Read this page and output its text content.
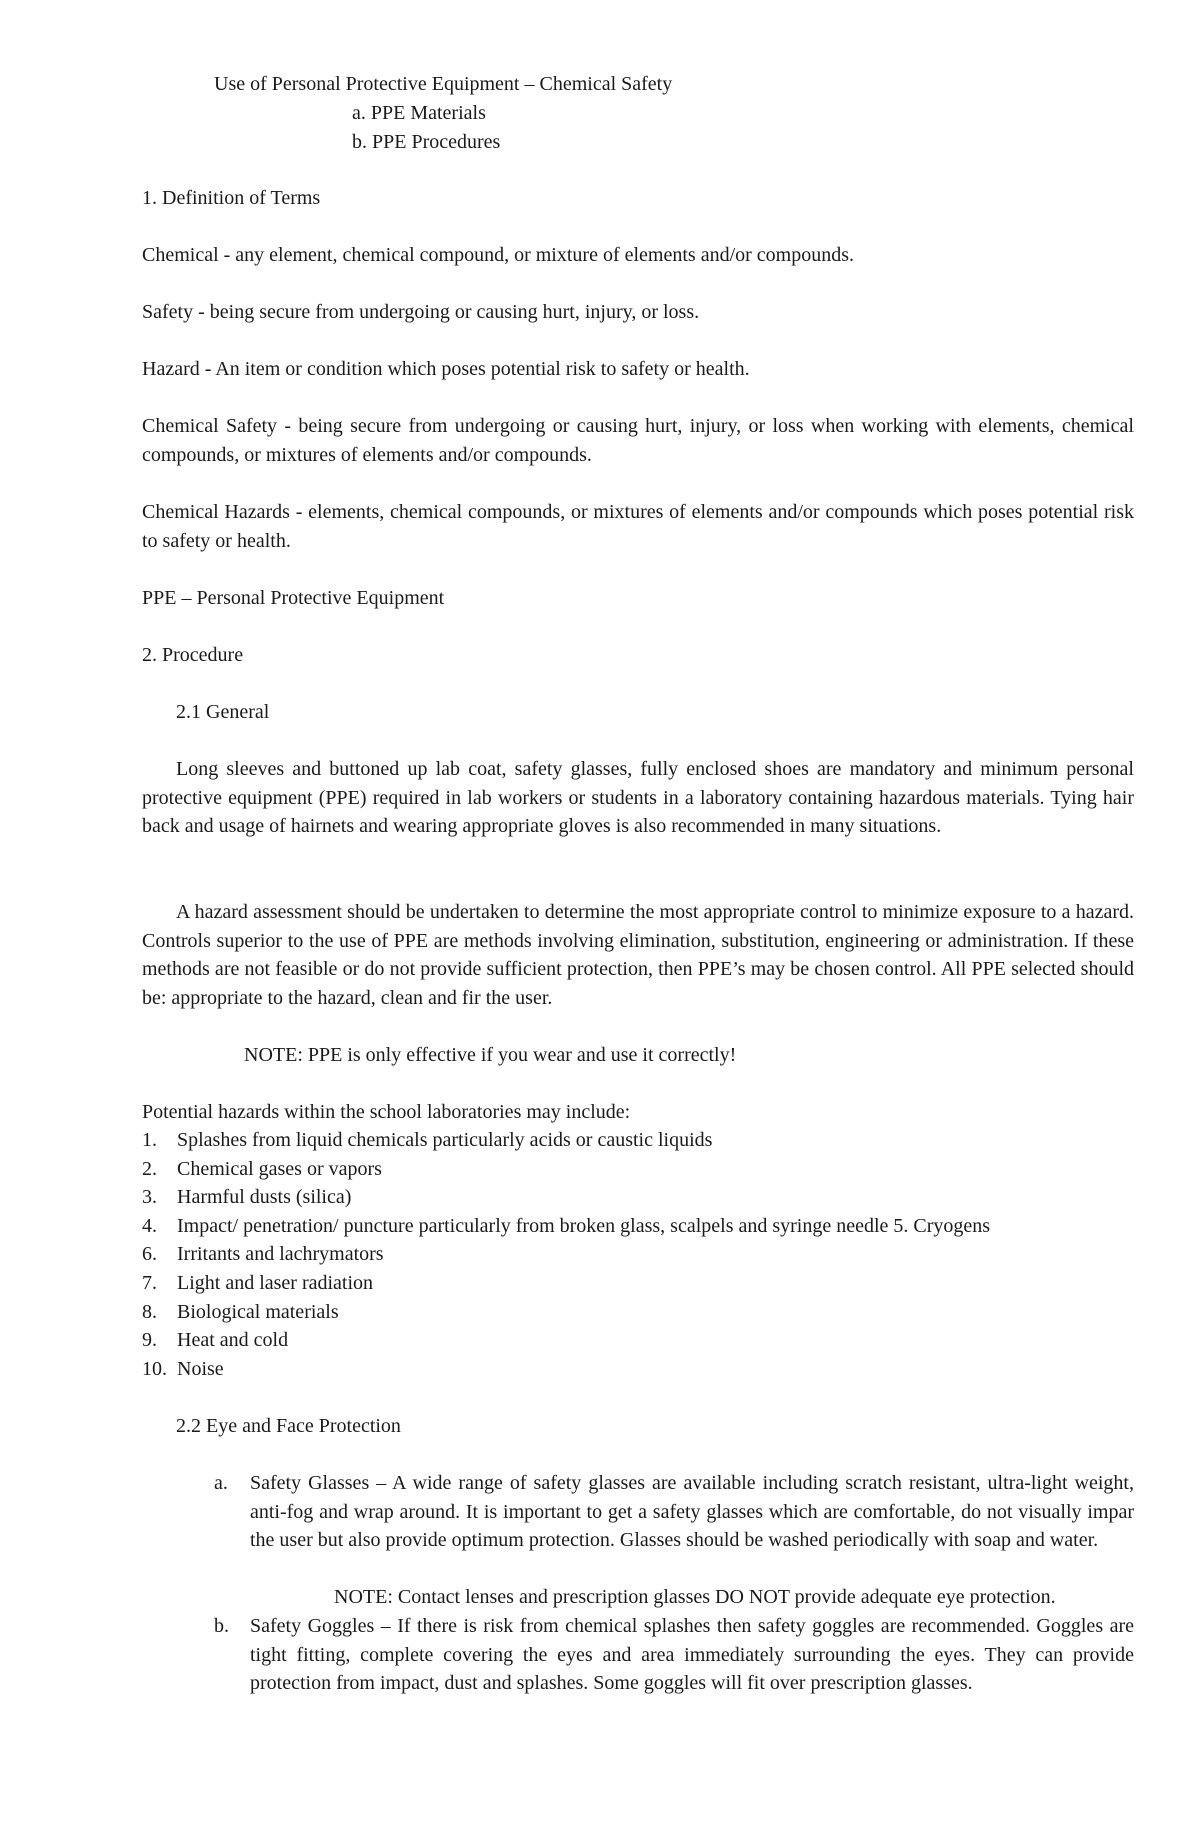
Use of Personal Protective Equipment – Chemical Safety

a. PPE Materials

b. PPE Procedures

1. Definition of Terms

Chemical - any element, chemical compound, or mixture of elements and/or compounds.

Safety - being secure from undergoing or causing hurt, injury, or loss.

Hazard - An item or condition which poses potential risk to safety or health.

Chemical Safety - being secure from undergoing or causing hurt, injury, or loss when working with elements, chemical compounds, or mixtures of elements and/or compounds.

Chemical Hazards - elements, chemical compounds, or mixtures of elements and/or compounds which poses potential risk to safety or health.

PPE – Personal Protective Equipment

2. Procedure

2.1 General

Long sleeves and buttoned up lab coat, safety glasses, fully enclosed shoes are mandatory and minimum personal protective equipment (PPE) required in lab workers or students in a laboratory containing hazardous materials. Tying hair back and usage of hairnets and wearing appropriate gloves is also recommended in many situations.

A hazard assessment should be undertaken to determine the most appropriate control to minimize exposure to a hazard. Controls superior to the use of PPE are methods involving elimination, substitution, engineering or administration. If these methods are not feasible or do not provide sufficient protection, then PPE’s may be chosen control. All PPE selected should be: appropriate to the hazard, clean and fir the user.

NOTE: PPE is only effective if you wear and use it correctly!

Potential hazards within the school laboratories may include:

1. Splashes from liquid chemicals particularly acids or caustic liquids
2. Chemical gases or vapors
3. Harmful dusts (silica)
4. Impact/ penetration/ puncture particularly from broken glass, scalpels and syringe needle 5. Cryogens
6. Irritants and lachrymators
7. Light and laser radiation
8. Biological materials
9. Heat and cold
10. Noise

2.2 Eye and Face Protection

a. Safety Glasses – A wide range of safety glasses are available including scratch resistant, ultra-light weight, anti-fog and wrap around. It is important to get a safety glasses which are comfortable, do not visually impar the user but also provide optimum protection. Glasses should be washed periodically with soap and water.

NOTE: Contact lenses and prescription glasses DO NOT provide adequate eye protection.

b. Safety Goggles – If there is risk from chemical splashes then safety goggles are recommended. Goggles are tight fitting, complete covering the eyes and area immediately surrounding the eyes. They can provide protection from impact, dust and splashes. Some goggles will fit over prescription glasses.
